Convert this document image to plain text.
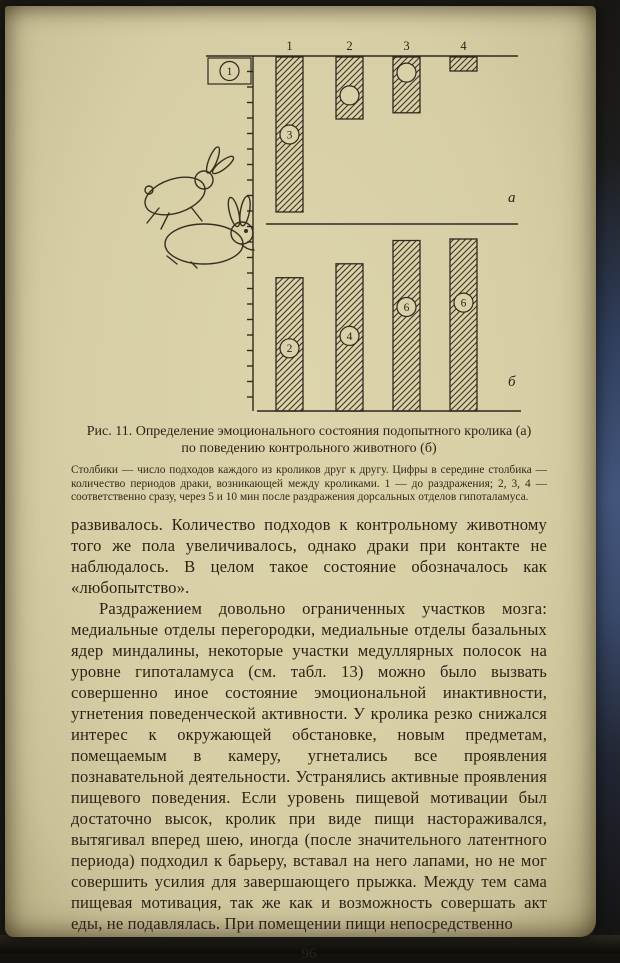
1	2	3	4
1
3
а
2
4
6	6
б
Рис. 11. Определение эмоционального состояния подопытного кролика (а)
по поведению контрольного животного (б)

Столбики — число подходов каждого из кроликов друг к другу. Цифры в середине столбика — количество периодов драки, возникающей между кроликами. 1 — до раздражения; 2, 3, 4 — соответственно сразу, через 5 и 10 мин после раздражения дорсальных отделов гипоталамуса.

развивалось. Количество подходов к контрольному животному того же пола увеличивалось, однако драки при контакте не наблюдалось. В целом такое состояние обозначалось как «любопытство».

Раздражением довольно ограниченных участков мозга: медиальные отделы перегородки, медиальные отделы базальных ядер миндалины, некоторые участки медуллярных полосок на уровне гипоталамуса (см. табл. 13) можно было вызвать совершенно иное состояние эмоциональной инактивности, угнетения поведенческой активности. У кролика резко снижался интерес к окружающей обстановке, новым предметам, помещаемым в камеру, угнетались все проявления познавательной деятельности. Устранялись активные проявления пищевого поведения. Если уровень пищевой мотивации был достаточно высок, кролик при виде пищи настораживался, вытягивал вперед шею, иногда (после значительного латентного периода) подходил к барьеру, вставал на него лапами, но не мог совершить усилия для завершающего прыжка. Между тем сама пищевая мотивация, так же как и возможность совершать акт еды, не подавлялась. При помещении пищи непосредственно

96
